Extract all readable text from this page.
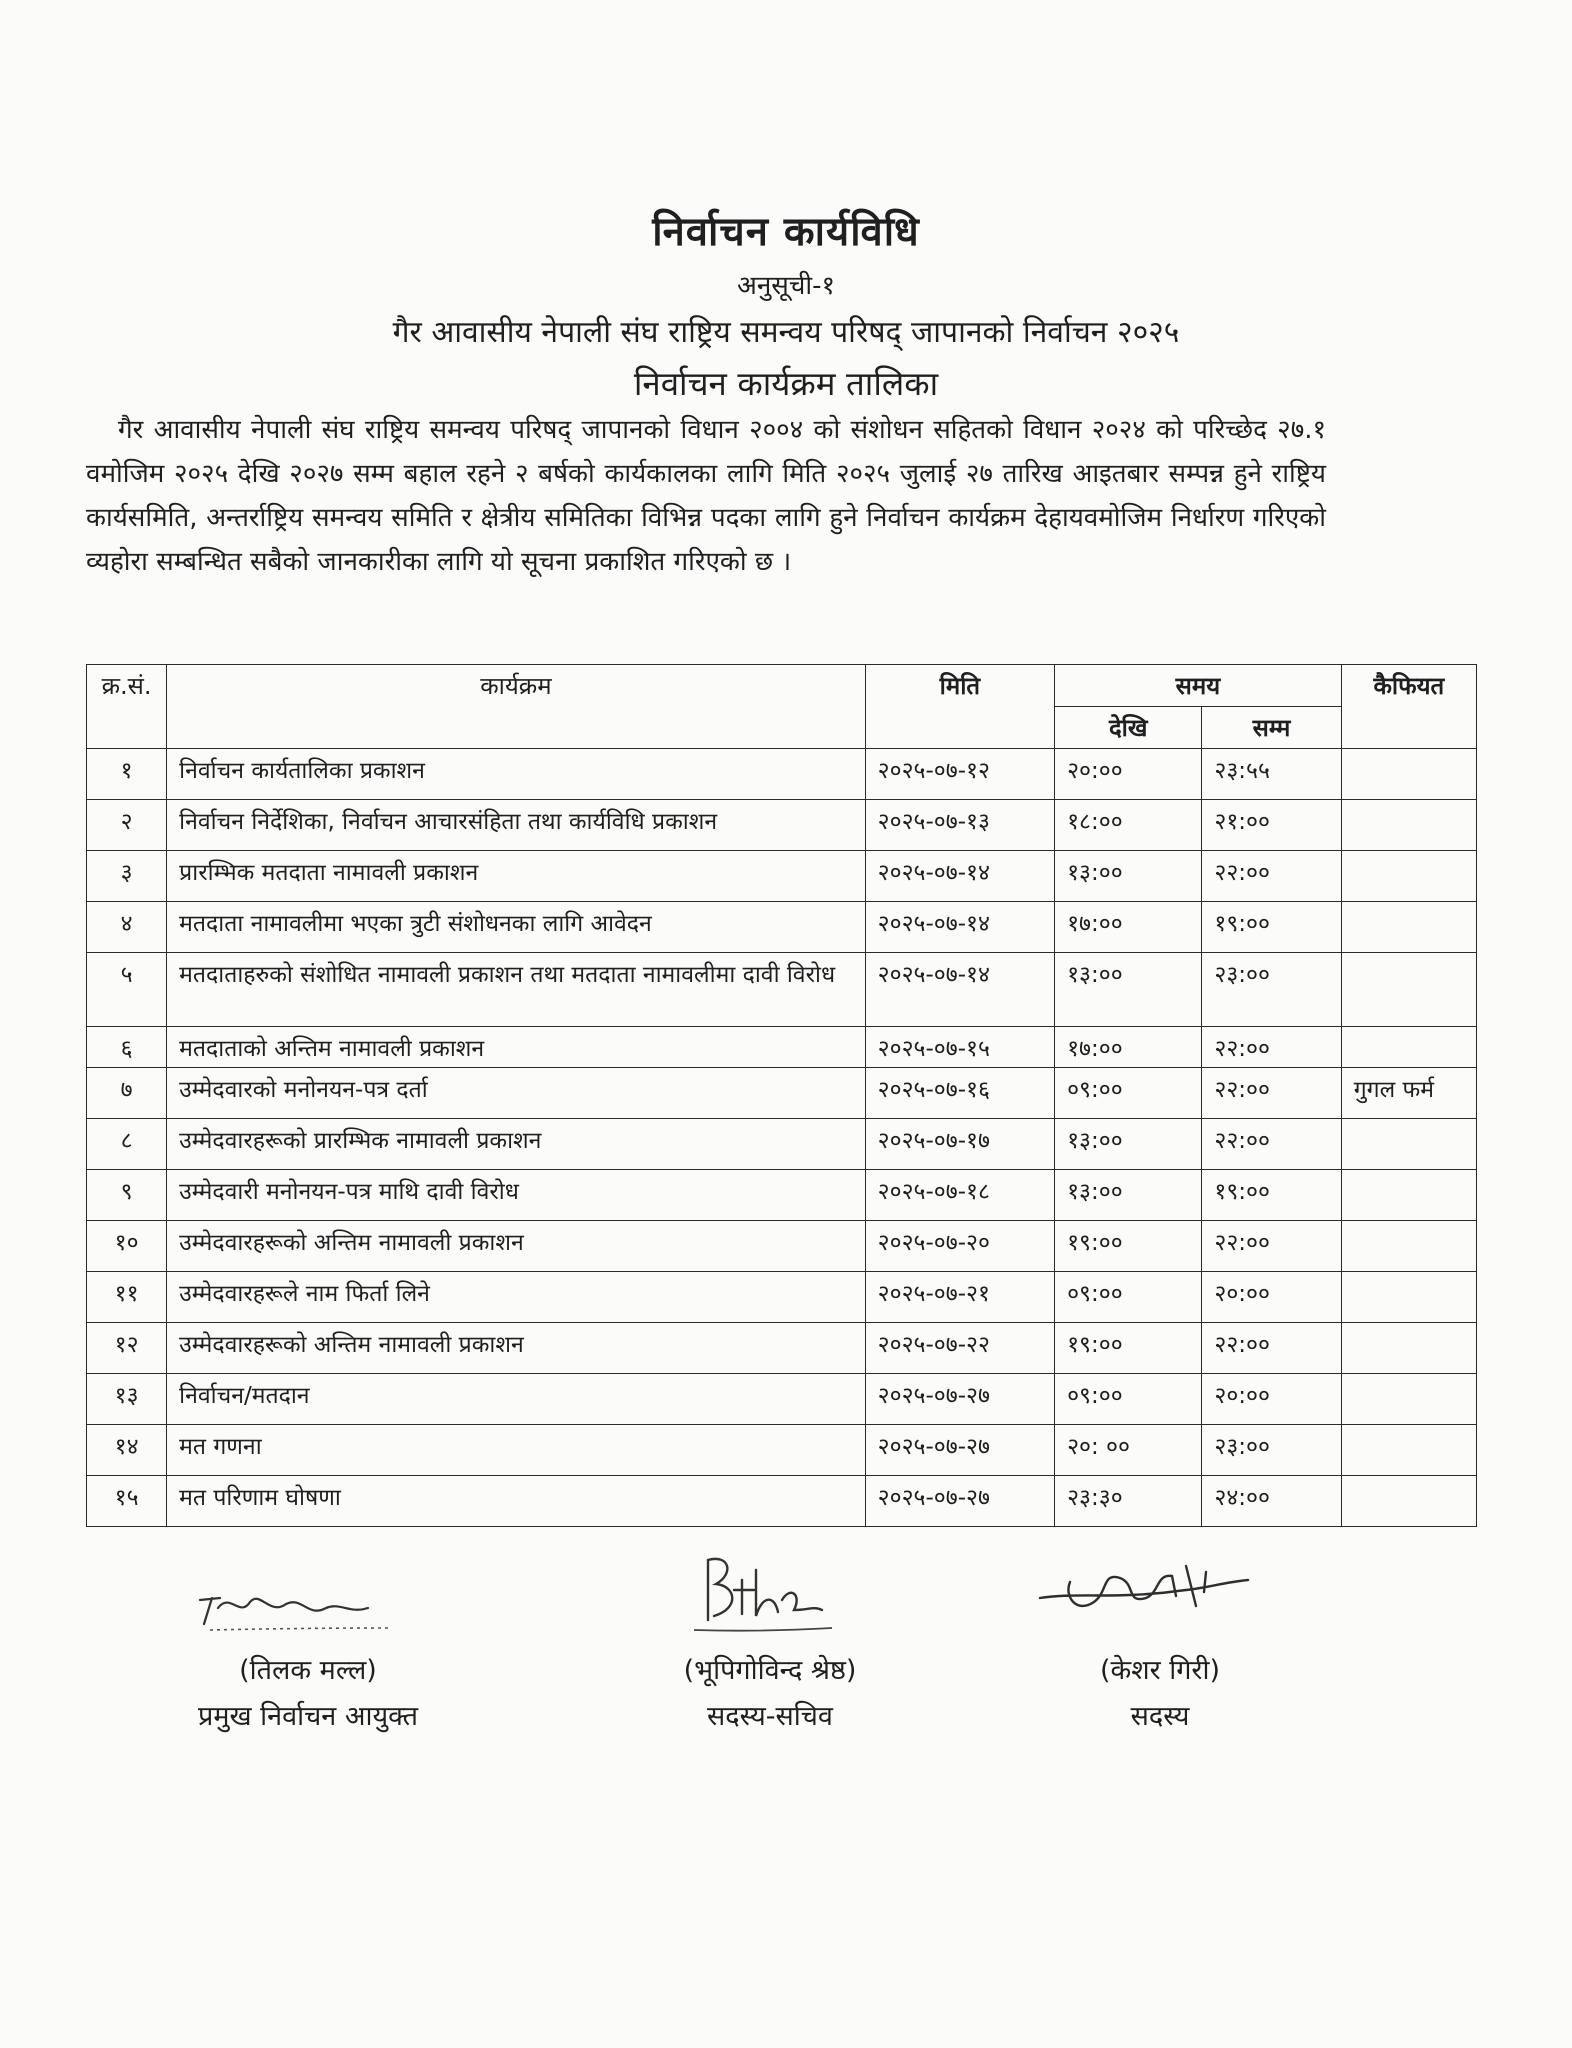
निर्वाचन कार्यविधि
अनुसूची-१
गैर आवासीय नेपाली संघ राष्ट्रिय समन्वय परिषद् जापानको निर्वाचन २०२५
निर्वाचन कार्यक्रम तालिका
गैर आवासीय नेपाली संघ राष्ट्रिय समन्वय परिषद् जापानको विधान २००४ को संशोधन सहितको विधान २०२४ को परिच्छेद २७.१ वमोजिम २०२५ देखि २०२७ सम्म बहाल रहने २ बर्षको कार्यकालका लागि मिति २०२५ जुलाई २७ तारिख आइतबार सम्पन्न हुने राष्ट्रिय कार्यसमिति, अन्तर्राष्ट्रिय समन्वय समिति र क्षेत्रीय समितिका विभिन्न पदका लागि हुने निर्वाचन कार्यक्रम देहायवमोजिम निर्धारण गरिएको व्यहोरा सम्बन्धित सबैको जानकारीका लागि यो सूचना प्रकाशित गरिएको छ ।
क्र.सं.	कार्यक्रम	मिति	समय		कैफियत
			देखि	सम्म	
१	निर्वाचन कार्यतालिका प्रकाशन	२०२५-०७-१२	२०:००	२३:५५	
२	निर्वाचन निर्देशिका, निर्वाचन आचारसंहिता तथा कार्यविधि प्रकाशन	२०२५-०७-१३	१८:००	२१:००	
३	प्रारम्भिक मतदाता नामावली प्रकाशन	२०२५-०७-१४	१३:००	२२:००	
४	मतदाता नामावलीमा भएका त्रुटी संशोधनका लागि आवेदन	२०२५-०७-१४	१७:००	१९:००	
५	मतदाताहरुको संशोधित नामावली प्रकाशन तथा मतदाता नामावलीमा दावी विरोध	२०२५-०७-१४	१३:००	२३:००	
६	मतदाताको अन्तिम नामावली प्रकाशन	२०२५-०७-१५	१७:००	२२:००	
७	उम्मेदवारको मनोनयन-पत्र दर्ता	२०२५-०७-१६	०९:००	२२:००	गुगल फर्म
८	उम्मेदवारहरूको प्रारम्भिक नामावली प्रकाशन	२०२५-०७-१७	१३:००	२२:००	
९	उम्मेदवारी मनोनयन-पत्र माथि दावी विरोध	२०२५-०७-१८	१३:००	१९:००	
१०	उम्मेदवारहरूको अन्तिम नामावली प्रकाशन	२०२५-०७-२०	१९:००	२२:००	
११	उम्मेदवारहरूले नाम फिर्ता लिने	२०२५-०७-२१	०९:००	२०:००	
१२	उम्मेदवारहरूको अन्तिम नामावली प्रकाशन	२०२५-०७-२२	१९:००	२२:००	
१३	निर्वाचन/मतदान	२०२५-०७-२७	०९:००	२०:००	
१४	मत गणना	२०२५-०७-२७	२०: ००	२३:००	
१५	मत परिणाम घोषणा	२०२५-०७-२७	२३:३०	२४:००	
(तिलक मल्ल)
प्रमुख निर्वाचन आयुक्त
(भूपिगोविन्द श्रेष्ठ)
सदस्य-सचिव
(केशर गिरी)
सदस्य
